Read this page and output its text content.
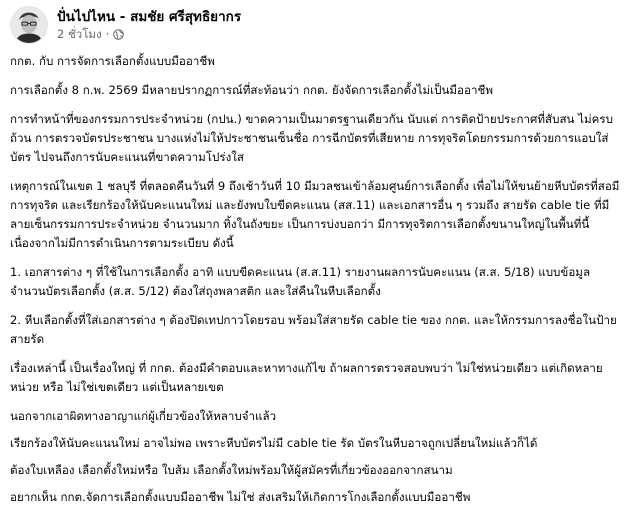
ปั่นไปไหน - สมชัย ศรีสุทธิยากร
2 ชั่วโมง ·

กกต. กับ การจัดการเลือกตั้งแบบมืออาชีพ

การเลือกตั้ง 8 ก.พ. 2569 มีหลายปรากฏการณ์ที่สะท้อนว่า กกต. ยังจัดการเลือกตั้งไม่เป็นมืออาชีพ

การทำหน้าที่ของกรรมการประจำหน่วย (กปน.) ขาดความเป็นมาตรฐานเดียวกัน นับแต่ การติดป้ายประกาศที่สับสน ไม่ครบถ้วน การตรวจบัตรประชาชน บางแห่งไม่ให้ประชาชนเซ็นชื่อ การฉีกบัตรที่เสียหาย การทุจริตโดยกรรมการด้วยการแอบใส่บัตร ไปจนถึงการนับคะแนนที่ขาดความโปร่งใส

เหตุการณ์ในเขต 1 ชลบุรี ที่ตลอดคืนวันที่ 9 ถึงเช้าวันที่ 10 มีมวลชนเข้าล้อมศูนย์การเลือกตั้ง เพื่อไม่ให้ขนย้ายหีบบัตรที่สอมีการทุจริต และเรียกร้องให้นับคะแนนใหม่ และยังพบใบขีดคะแนน (สส.11) และเอกสารอื่น ๆ รวมถึง สายรัด cable tie ที่มีลายเซ็นกรรมการประจำหน่วย จำนวนมาก ทิ้งในถังขยะ เป็นการบ่งบอกว่า มีการทุจริตการเลือกตั้งขนานใหญ่ในพื้นที่นี้ เนื่องจากไม่มีการดำเนินการตามระเบียบ ดังนี้

1. เอกสารต่าง ๆ ที่ใช้ในการเลือกตั้ง อาทิ แบบขีดคะแนน (ส.ส.11) รายงานผลการนับคะแนน (ส.ส. 5/18) แบบข้อมูลจำนวนบัตรเลือกตั้ง (ส.ส. 5/12) ต้องใส่ถุงพลาสติก และใส่คืนในหีบเลือกตั้ง

2. หีบเลือกตั้งที่ใส่เอกสารต่าง ๆ ต้องปิดเทปกาวโดยรอบ พร้อมใส่สายรัด cable tie ของ กกต. และให้กรรมการลงชื่อในป้ายสายรัด

เรื่องเหล่านี้ เป็นเรื่องใหญ่ ที่ กกต. ต้องมีคำตอบและหาทางแก้ไข ถ้าผลการตรวจสอบพบว่า ไม่ใช่หน่วยเดียว แต่เกิดหลายหน่วย หรือ ไม่ใช่เขตเดียว แต่เป็นหลายเขต

นอกจากเอาผิดทางอาญาแก่ผู้เกี่ยวข้องให้หลาบจำแล้ว

เรียกร้องให้นับคะแนนใหม่ อาจไม่พอ เพราะหีบบัตรไม่มี cable tie รัด บัตรในหีบอาจถูกเปลี่ยนใหม่แล้วก็ได้

ต้องใบเหลือง เลือกตั้งใหม่หรือ ใบส้ม เลือกตั้งใหม่พร้อมให้ผู้สมัครที่เกี่ยวข้องออกจากสนาม

อยากเห็น กกต.จัดการเลือกตั้งแบบมืออาชีพ ไม่ใช่ ส่งเสริมให้เกิดการโกงเลือกตั้งแบบมืออาชีพ
